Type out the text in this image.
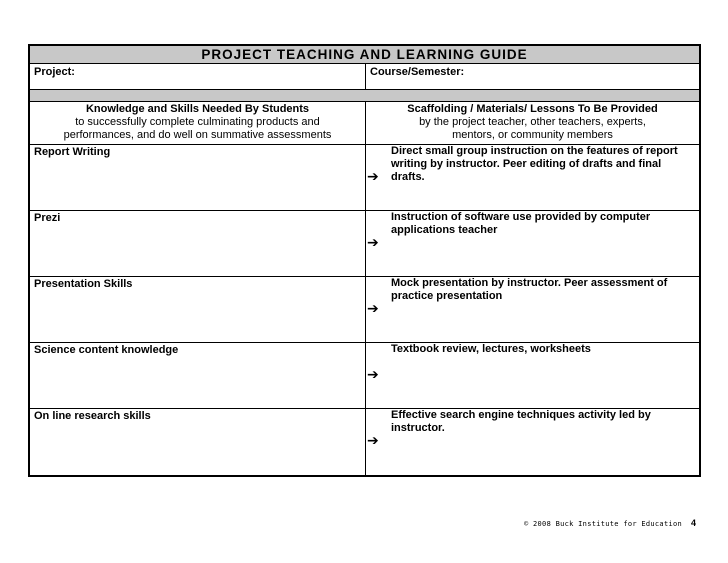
PROJECT TEACHING AND LEARNING GUIDE
Project:	Course/Semester:
Knowledge and Skills Needed By Students
to successfully complete culminating products and
performances, and do well on summative assessments
Scaffolding / Materials/ Lessons To Be Provided
by the project teacher, other teachers, experts,
mentors, or community members
Report Writing
➔
Direct small group instruction on the features of report writing by instructor. Peer editing of drafts and final drafts.
Prezi
➔
Instruction of software use provided by computer applications teacher
Presentation Skills
➔
Mock presentation by instructor. Peer assessment of practice presentation
Science content knowledge
➔
Textbook review, lectures, worksheets
On line research skills
➔
Effective search engine techniques activity led by instructor.
© 2008 Buck Institute for Education 4
